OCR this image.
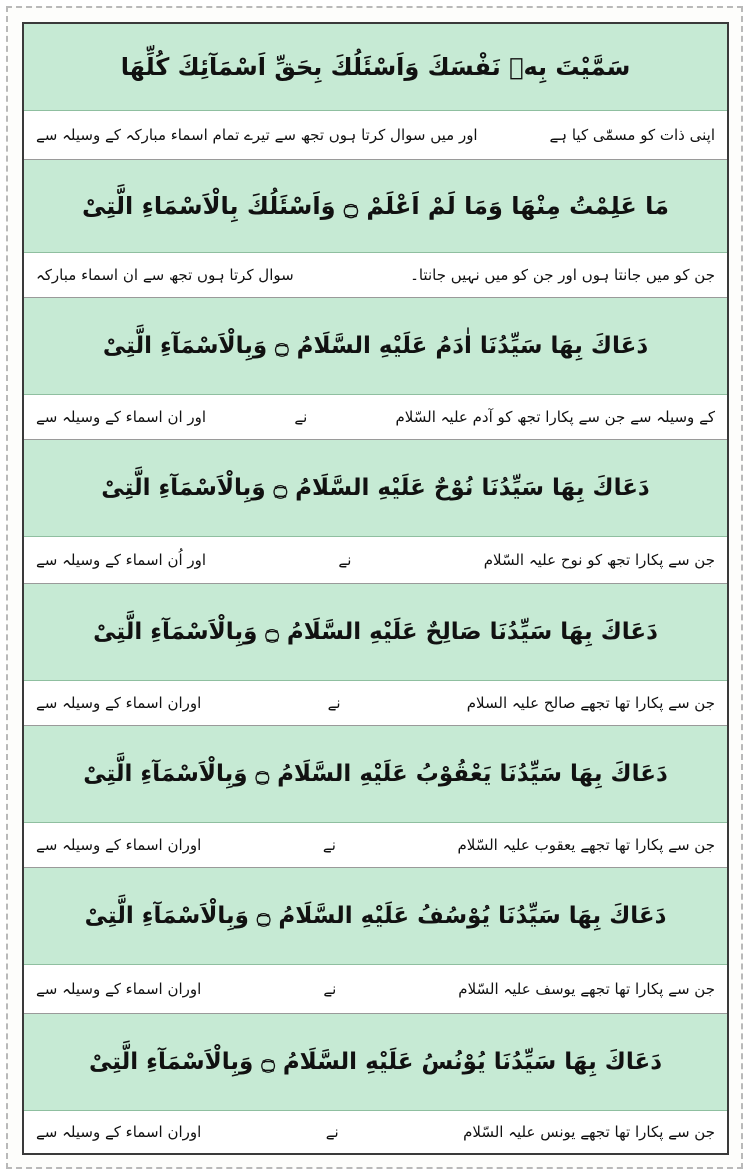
سَمَّيْتَ بِهٖ نَفْسَكَ وَاَسْئَلُكَ بِحَقِّ اَسْمَآئِكَ كُلِّهَا
اپنی ذات کو مسمّٰی کیا ہے
اور میں سوال کرتا ہوں تجھ سے تیرے تمام اسماء مبارکہ کے وسیلہ سے
مَا عَلِمْتُ مِنْهَا وَمَا لَمْ اَعْلَمْ ۝ وَاَسْئَلُكَ بِالْاَسْمَاءِ الَّتِیْ
جن کو میں جانتا ہوں اور جن کو میں نہیں جانتا۔
سوال کرتا ہوں تجھ سے ان اسماء مبارکہ
دَعَاكَ بِهَا سَيِّدُنَا اٰدَمُ عَلَيْهِ السَّلَامُ ۝ وَبِالْاَسْمَآءِ الَّتِیْ
کے وسیلہ سے جن سے پکارا تجھ کو آدم علیہ السّلام
نے
اور ان اسماء کے وسیلہ سے
دَعَاكَ بِهَا سَيِّدُنَا نُوْحٌ عَلَيْهِ السَّلَامُ ۝ وَبِالْاَسْمَآءِ الَّتِیْ
جن سے پکارا تجھ کو نوح علیہ السّلام
نے
اور اُن اسماء کے وسیلہ سے
دَعَاكَ بِهَا سَيِّدُنَا صَالِحٌ عَلَيْهِ السَّلَامُ ۝ وَبِالْاَسْمَآءِ الَّتِیْ
جن سے پکارا تھا تجھے صالح علیہ السلام
نے
اوران اسماء کے وسیلہ سے
دَعَاكَ بِهَا سَيِّدُنَا يَعْقُوْبُ عَلَيْهِ السَّلَامُ ۝ وَبِالْاَسْمَآءِ الَّتِیْ
جن سے پکارا تھا تجھے یعقوب علیہ السّلام
نے
اوران اسماء کے وسیلہ سے
دَعَاكَ بِهَا سَيِّدُنَا يُوْسُفُ عَلَيْهِ السَّلَامُ ۝ وَبِالْاَسْمَآءِ الَّتِیْ
جن سے پکارا تھا تجھے یوسف علیہ السّلام
نے
اوران اسماء کے وسیلہ سے
دَعَاكَ بِهَا سَيِّدُنَا يُوْنُسُ عَلَيْهِ السَّلَامُ ۝ وَبِالْاَسْمَآءِ الَّتِیْ
جن سے پکارا تھا تجھے یونس علیہ السّلام
نے
اوران اسماء کے وسیلہ سے
